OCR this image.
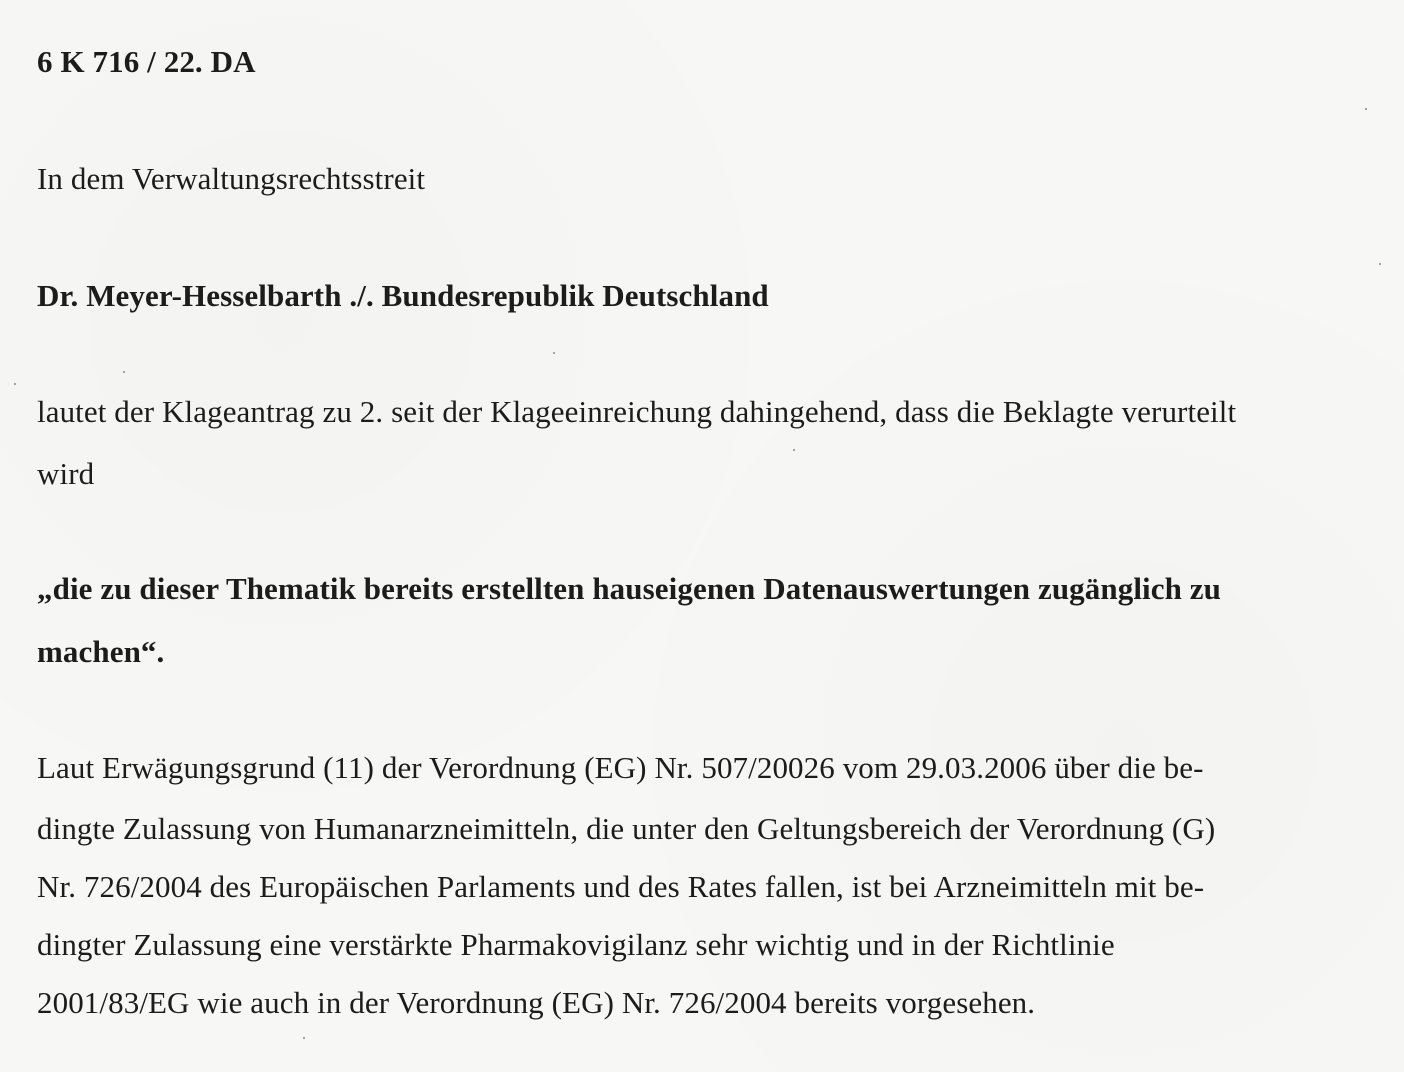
6 K 716 / 22. DA
In dem Verwaltungsrechtsstreit
Dr. Meyer-Hesselbarth ./. Bundesrepublik Deutschland
lautet der Klageantrag zu 2. seit der Klageeinreichung dahingehend, dass die Beklagte verurteilt
wird
„die zu dieser Thematik bereits erstellten hauseigenen Datenauswertungen zugänglich zu
machen“.
Laut Erwägungsgrund (11) der Verordnung (EG) Nr. 507/20026 vom 29.03.2006 über die be-
dingte Zulassung von Humanarzneimitteln, die unter den Geltungsbereich der Verordnung (G)
Nr. 726/2004 des Europäischen Parlaments und des Rates fallen, ist bei Arzneimitteln mit be-
dingter Zulassung eine verstärkte Pharmakovigilanz sehr wichtig und in der Richtlinie
2001/83/EG wie auch in der Verordnung (EG) Nr. 726/2004 bereits vorgesehen.
